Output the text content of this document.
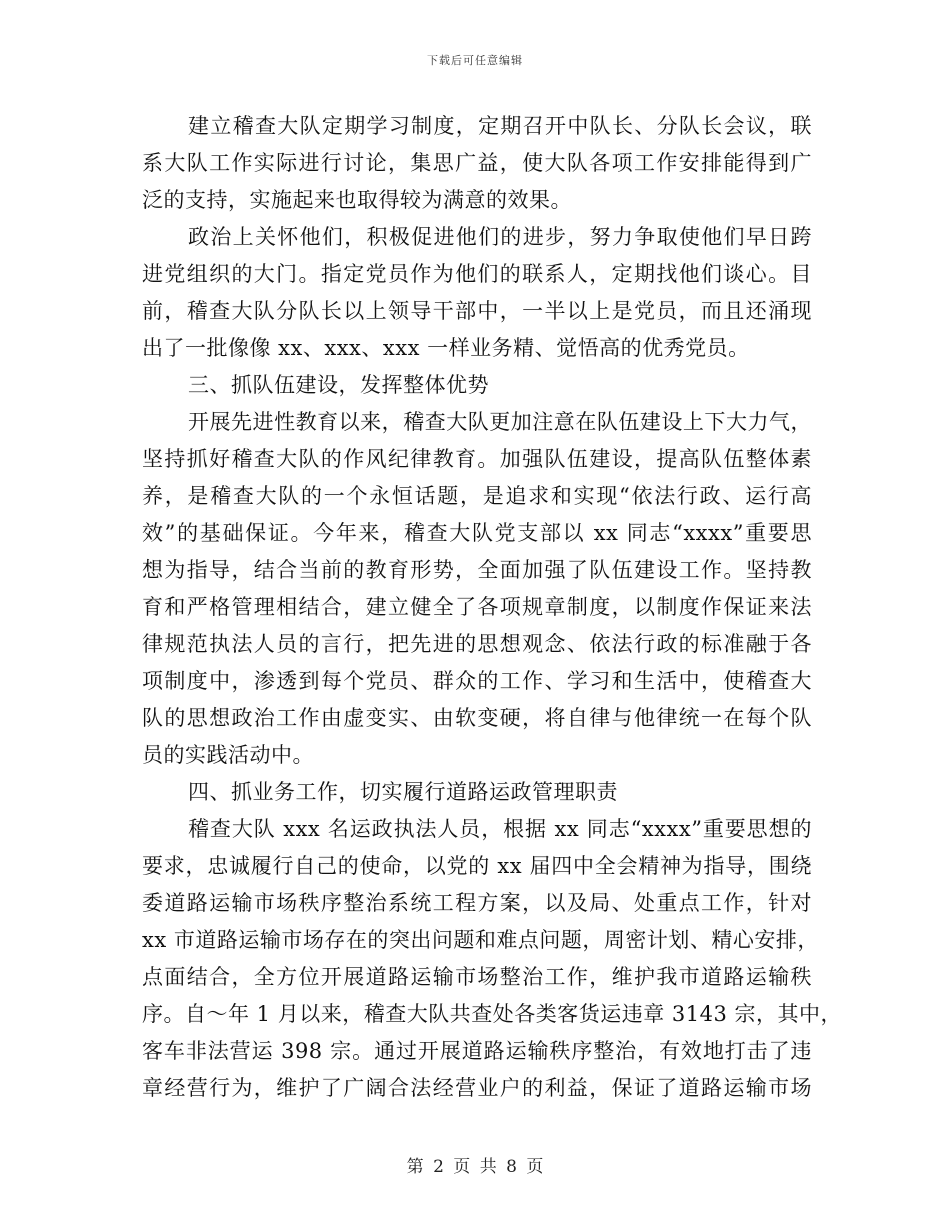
下载后可任意编辑
建立稽查大队定期学习制度，定期召开中队长、分队长会议，联
系大队工作实际进行讨论，集思广益，使大队各项工作安排能得到广
泛的支持，实施起来也取得较为满意的效果。
政治上关怀他们，积极促进他们的进步，努力争取使他们早日跨
进党组织的大门。指定党员作为他们的联系人，定期找他们谈心。目
前，稽查大队分队长以上领导干部中，一半以上是党员，而且还涌现
出了一批像像 xx、xxx、xxx 一样业务精、觉悟高的优秀党员。
三、抓队伍建设，发挥整体优势
开展先进性教育以来，稽查大队更加注意在队伍建设上下大力气，
坚持抓好稽查大队的作风纪律教育。加强队伍建设，提高队伍整体素
养，是稽查大队的一个永恒话题，是追求和实现“依法行政、运行高
效”的基础保证。今年来，稽查大队党支部以 xx 同志“xxxx”重要思
想为指导，结合当前的教育形势，全面加强了队伍建设工作。坚持教
育和严格管理相结合，建立健全了各项规章制度，以制度作保证来法
律规范执法人员的言行，把先进的思想观念、依法行政的标准融于各
项制度中，渗透到每个党员、群众的工作、学习和生活中，使稽查大
队的思想政治工作由虚变实、由软变硬，将自律与他律统一在每个队
员的实践活动中。
四、抓业务工作，切实履行道路运政管理职责
稽查大队 xxx 名运政执法人员，根据 xx 同志“xxxx”重要思想的
要求，忠诚履行自己的使命，以党的 xx 届四中全会精神为指导，围绕
委道路运输市场秩序整治系统工程方案，以及局、处重点工作，针对
xx 市道路运输市场存在的突出问题和难点问题，周密计划、精心安排，
点面结合，全方位开展道路运输市场整治工作，维护我市道路运输秩
序。自～年 1 月以来，稽查大队共查处各类客货运违章 3143 宗，其中，
客车非法营运 398 宗。通过开展道路运输秩序整治，有效地打击了违
章经营行为，维护了广阔合法经营业户的利益，保证了道路运输市场
第 2 页 共 8 页
